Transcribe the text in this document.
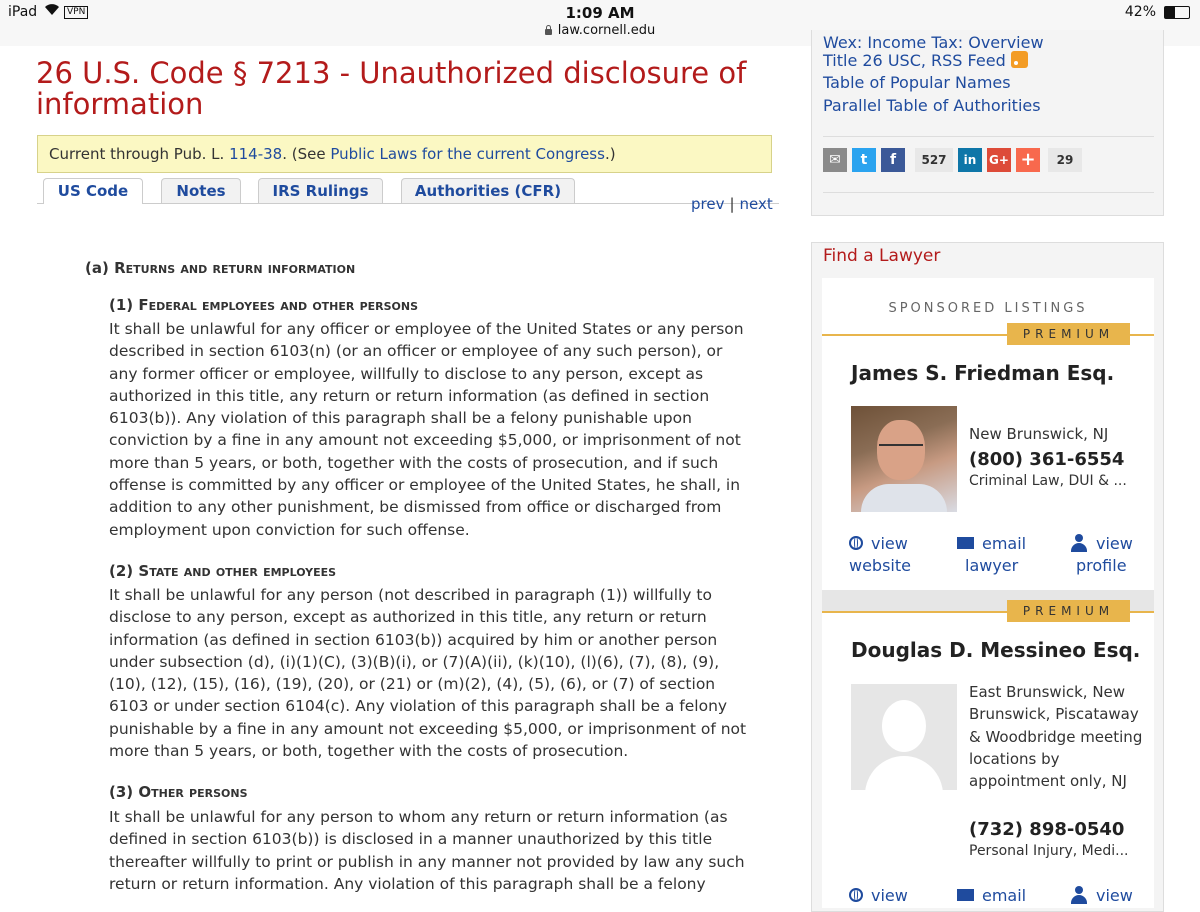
iPad	VPN	1:09 AM	42%
law.cornell.edu
26 U.S. Code § 7213 - Unauthorized disclosure of information
Current through Pub. L. 114-38. (See Public Laws for the current Congress.)
US Code	Notes	IRS Rulings	Authorities (CFR)
prev | next
(a) Returns and return information
(1) Federal employees and other persons

It shall be unlawful for any officer or employee of the United States or any person described in section 6103(n) (or an officer or employee of any such person), or any former officer or employee, willfully to disclose to any person, except as authorized in this title, any return or return information (as defined in section 6103(b)). Any violation of this paragraph shall be a felony punishable upon conviction by a fine in any amount not exceeding $5,000, or imprisonment of not more than 5 years, or both, together with the costs of prosecution, and if such offense is committed by any officer or employee of the United States, he shall, in addition to any other punishment, be dismissed from office or discharged from employment upon conviction for such offense.

(2) State and other employees

It shall be unlawful for any person (not described in paragraph (1)) willfully to disclose to any person, except as authorized in this title, any return or return information (as defined in section 6103(b)) acquired by him or another person under subsection (d), (i)(1)(C), (3)(B)(i), or (7)(A)(ii), (k)(10), (l)(6), (7), (8), (9), (10), (12), (15), (16), (19), (20), or (21) or (m)(2), (4), (5), (6), or (7) of section 6103 or under section 6104(c). Any violation of this paragraph shall be a felony punishable by a fine in any amount not exceeding $5,000, or imprisonment of not more than 5 years, or both, together with the costs of prosecution.

(3) Other persons

It shall be unlawful for any person to whom any return or return information (as defined in section 6103(b)) is disclosed in a manner unauthorized by this title thereafter willfully to print or publish in any manner not provided by law any such return or return information. Any violation of this paragraph shall be a felony

Wex: Income Tax: Overview
Title 26 USC, RSS Feed
Table of Popular Names
Parallel Table of Authorities
✉	t	f	527	in	G+ +	29
Find a Lawyer
SPONSORED LISTINGS
PREMIUM
James S. Friedman Esq.
New Brunswick, NJ
(800) 361-6554
Criminal Law, DUI & ...
view
website
email
lawyer
view
profile
PREMIUM
Douglas D. Messineo Esq.
East Brunswick, New Brunswick, Piscataway & Woodbridge meeting locations by appointment only, NJ
(732) 898-0540
Personal Injury, Medi...
view	email	view
